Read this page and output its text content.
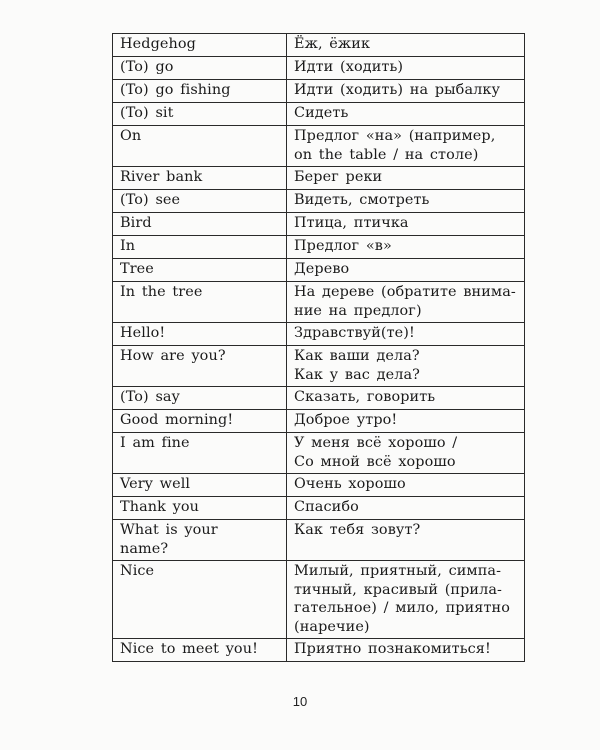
Hedgehog	Ёж, ёжик

(To) go	Идти (ходить)

(To) go fishing	Идти (ходить) на рыбалку

(To) sit	Сидеть

On	Предлог «на» (например,
on the table / на столе)

River bank	Берег реки

(To) see	Видеть, смотреть

Bird	Птица, птичка

In	Предлог «в»

Tree	Дерево

In the tree	На дереве (обратите внима-
ние на предлог)

Hello!	Здравствуй(те)!

How are you?	Как ваши дела?
Как у вас дела?

(To) say	Сказать, говорить

Good morning!	Доброе утро!

I am fine	У меня всё хорошо /
Со мной всё хорошо

Very well	Очень хорошо

Thank you	Спасибо

What is your
name?	Как тебя зовут?

Nice	Милый, приятный, симпа-
тичный, красивый (прила-
гательное) / мило, приятно
(наречие)

Nice to meet you!	Приятно познакомиться!
10
